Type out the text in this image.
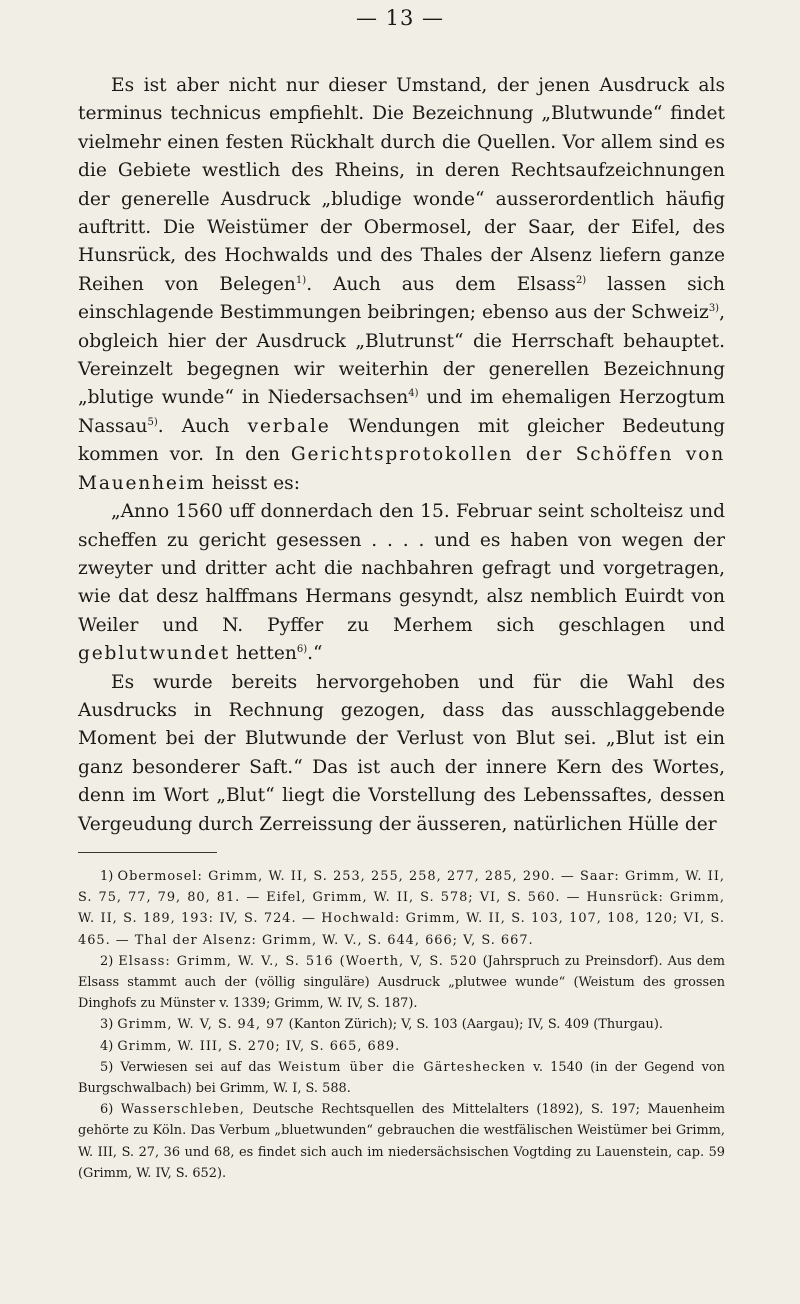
— 13 —

Es ist aber nicht nur dieser Umstand, der jenen Ausdruck als terminus technicus empfiehlt. Die Bezeichnung „Blutwunde“ findet vielmehr einen festen Rückhalt durch die Quellen. Vor allem sind es die Gebiete westlich des Rheins, in deren Rechtsaufzeichnungen der generelle Ausdruck „bludige wonde“ ausserordentlich häufig auftritt. Die Weistümer der Obermosel, der Saar, der Eifel, des Hunsrück, des Hochwalds und des Thales der Alsenz liefern ganze Reihen von Belegen$^{1)}$. Auch aus dem Elsass$^{2)}$ lassen sich einschlagende Bestimmungen beibringen; ebenso aus der Schweiz$^{3)}$, obgleich hier der Ausdruck „Blutrunst“ die Herrschaft behauptet. Vereinzelt begegnen wir weiterhin der generellen Bezeichnung „blutige wunde“ in Niedersachsen$^{4)}$ und im ehemaligen Herzogtum Nassau$^{5)}$. Auch verbale Wendungen mit gleicher Bedeutung kommen vor. In den Gerichtsprotokollen der Schöffen von Mauenheim heisst es:

„Anno 1560 uff donnerdach den 15. Februar seint scholteisz und scheffen zu gericht gesessen . . . . und es haben von wegen der zweyter und dritter acht die nachbahren gefragt und vorgetragen, wie dat desz halffmans Hermans gesyndt, alsz nemblich Euirdt von Weiler und N. Pyffer zu Merhem sich geschlagen und geblutwundet hetten$^{6)}$.“

Es wurde bereits hervorgehoben und für die Wahl des Ausdrucks in Rechnung gezogen, dass das ausschlaggebende Moment bei der Blutwunde der Verlust von Blut sei. „Blut ist ein ganz besonderer Saft.“ Das ist auch der innere Kern des Wortes, denn im Wort „Blut“ liegt die Vorstellung des Lebenssaftes, dessen Vergeudung durch Zerreissung der äusseren, natürlichen Hülle der

1) Obermosel: Grimm, W. II, S. 253, 255, 258, 277, 285, 290. — Saar: Grimm, W. II, S. 75, 77, 79, 80, 81. — Eifel, Grimm, W. II, S. 578; VI, S. 560. — Hunsrück: Grimm, W. II, S. 189, 193: IV, S. 724. — Hochwald: Grimm, W. II, S. 103, 107, 108, 120; VI, S. 465. — Thal der Alsenz: Grimm, W. V., S. 644, 666; V, S. 667.

2) Elsass: Grimm, W. V., S. 516 (Woerth, V, S. 520 (Jahrspruch zu Preinsdorf). Aus dem Elsass stammt auch der (völlig singuläre) Ausdruck „plutwee wunde“ (Weistum des grossen Dinghofs zu Münster v. 1339; Grimm, W. IV, S. 187).

3) Grimm, W. V, S. 94, 97 (Kanton Zürich); V, S. 103 (Aargau); IV, S. 409 (Thurgau).

4) Grimm, W. III, S. 270; IV, S. 665, 689.

5) Verwiesen sei auf das Weistum über die Gärteshecken v. 1540 (in der Gegend von Burgschwalbach) bei Grimm, W. I, S. 588.

6) Wasserschleben, Deutsche Rechtsquellen des Mittelalters (1892), S. 197; Mauenheim gehörte zu Köln. Das Verbum „bluetwunden“ gebrauchen die westfälischen Weistümer bei Grimm, W. III, S. 27, 36 und 68, es findet sich auch im niedersächsischen Vogtding zu Lauenstein, cap. 59 (Grimm, W. IV, S. 652).
